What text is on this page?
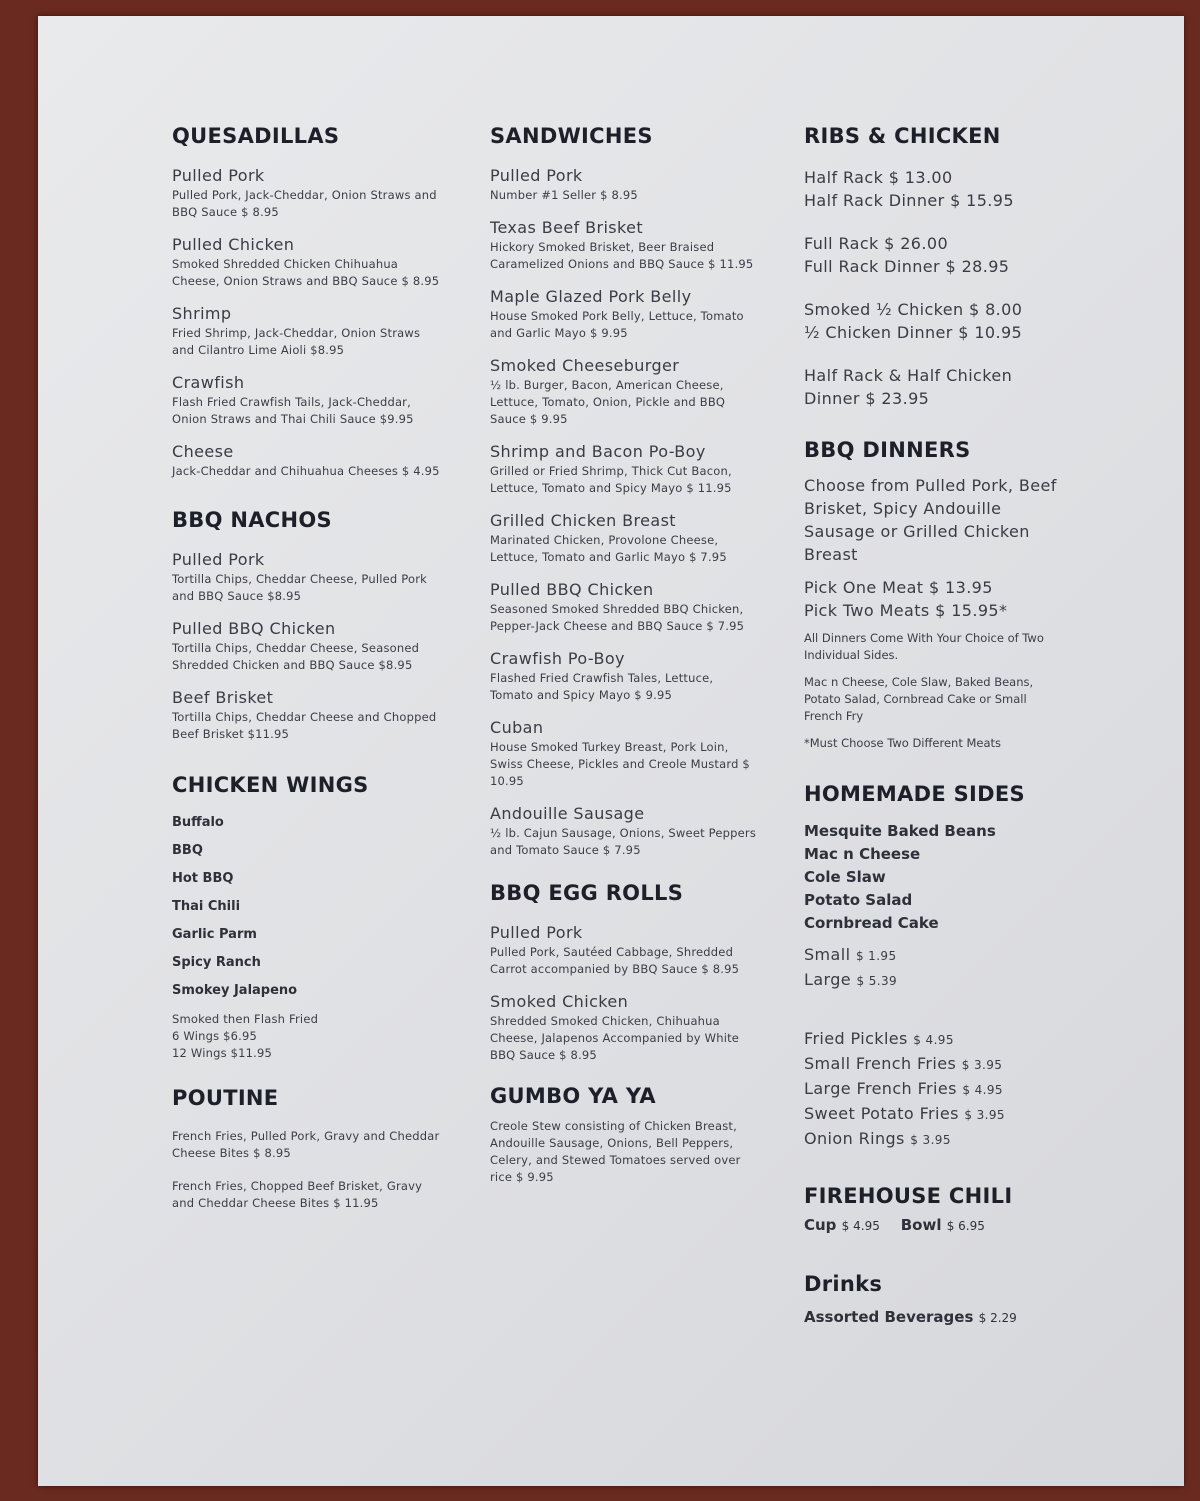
QUESADILLAS
Pulled Pork
Pulled Pork, Jack-Cheddar, Onion Straws and BBQ Sauce $ 8.95
Pulled Chicken
Smoked Shredded Chicken Chihuahua Cheese, Onion Straws and BBQ Sauce $ 8.95
Shrimp
Fried Shrimp, Jack-Cheddar, Onion Straws and Cilantro Lime Aioli $8.95
Crawfish
Flash Fried Crawfish Tails, Jack-Cheddar, Onion Straws and Thai Chili Sauce $9.95
Cheese
Jack-Cheddar and Chihuahua Cheeses $ 4.95
BBQ NACHOS
Pulled Pork
Tortilla Chips, Cheddar Cheese, Pulled Pork and BBQ Sauce $8.95
Pulled BBQ Chicken
Tortilla Chips, Cheddar Cheese, Seasoned Shredded Chicken and BBQ Sauce $8.95
Beef Brisket
Tortilla Chips, Cheddar Cheese and Chopped Beef Brisket $11.95
CHICKEN WINGS
Buffalo
BBQ
Hot BBQ
Thai Chili
Garlic Parm
Spicy Ranch
Smokey Jalapeno
Smoked then Flash Fried
6 Wings $6.95
12 Wings $11.95
POUTINE
French Fries, Pulled Pork, Gravy and Cheddar Cheese Bites $ 8.95
French Fries, Chopped Beef Brisket, Gravy and Cheddar Cheese Bites $ 11.95
SANDWICHES
Pulled Pork
Number #1 Seller $ 8.95
Texas Beef Brisket
Hickory Smoked Brisket, Beer Braised Caramelized Onions and BBQ Sauce $ 11.95
Maple Glazed Pork Belly
House Smoked Pork Belly, Lettuce, Tomato and Garlic Mayo $ 9.95
Smoked Cheeseburger
½ lb. Burger, Bacon, American Cheese, Lettuce, Tomato, Onion, Pickle and BBQ Sauce $ 9.95
Shrimp and Bacon Po-Boy
Grilled or Fried Shrimp, Thick Cut Bacon, Lettuce, Tomato and Spicy Mayo $ 11.95
Grilled Chicken Breast
Marinated Chicken, Provolone Cheese, Lettuce, Tomato and Garlic Mayo $ 7.95
Pulled BBQ Chicken
Seasoned Smoked Shredded BBQ Chicken, Pepper-Jack Cheese and BBQ Sauce $ 7.95
Crawfish Po-Boy
Flashed Fried Crawfish Tales, Lettuce, Tomato and Spicy Mayo $ 9.95
Cuban
House Smoked Turkey Breast, Pork Loin, Swiss Cheese, Pickles and Creole Mustard $ 10.95
Andouille Sausage
½ lb. Cajun Sausage, Onions, Sweet Peppers and Tomato Sauce $ 7.95
BBQ EGG ROLLS
Pulled Pork
Pulled Pork, Sautéed Cabbage, Shredded Carrot accompanied by BBQ Sauce $ 8.95
Smoked Chicken
Shredded Smoked Chicken, Chihuahua Cheese, Jalapenos Accompanied by White BBQ Sauce $ 8.95
GUMBO YA YA
Creole Stew consisting of Chicken Breast, Andouille Sausage, Onions, Bell Peppers, Celery, and Stewed Tomatoes served over rice $ 9.95
RIBS & CHICKEN
Half Rack $ 13.00
Half Rack Dinner $ 15.95
Full Rack $ 26.00
Full Rack Dinner $ 28.95
Smoked ½ Chicken $ 8.00
½ Chicken Dinner $ 10.95
Half Rack & Half Chicken
Dinner $ 23.95
BBQ DINNERS
Choose from Pulled Pork, Beef Brisket, Spicy Andouille Sausage or Grilled Chicken Breast
Pick One Meat $ 13.95
Pick Two Meats $ 15.95*
All Dinners Come With Your Choice of Two Individual Sides.
Mac n Cheese, Cole Slaw, Baked Beans, Potato Salad, Cornbread Cake or Small French Fry
*Must Choose Two Different Meats
HOMEMADE SIDES
Mesquite Baked Beans
Mac n Cheese
Cole Slaw
Potato Salad
Cornbread Cake
Small $ 1.95
Large $ 5.39
Fried Pickles $ 4.95
Small French Fries $ 3.95
Large French Fries $ 4.95
Sweet Potato Fries $ 3.95
Onion Rings $ 3.95
FIREHOUSE CHILI
Cup $ 4.95 Bowl $ 6.95
Drinks
Assorted Beverages $ 2.29
